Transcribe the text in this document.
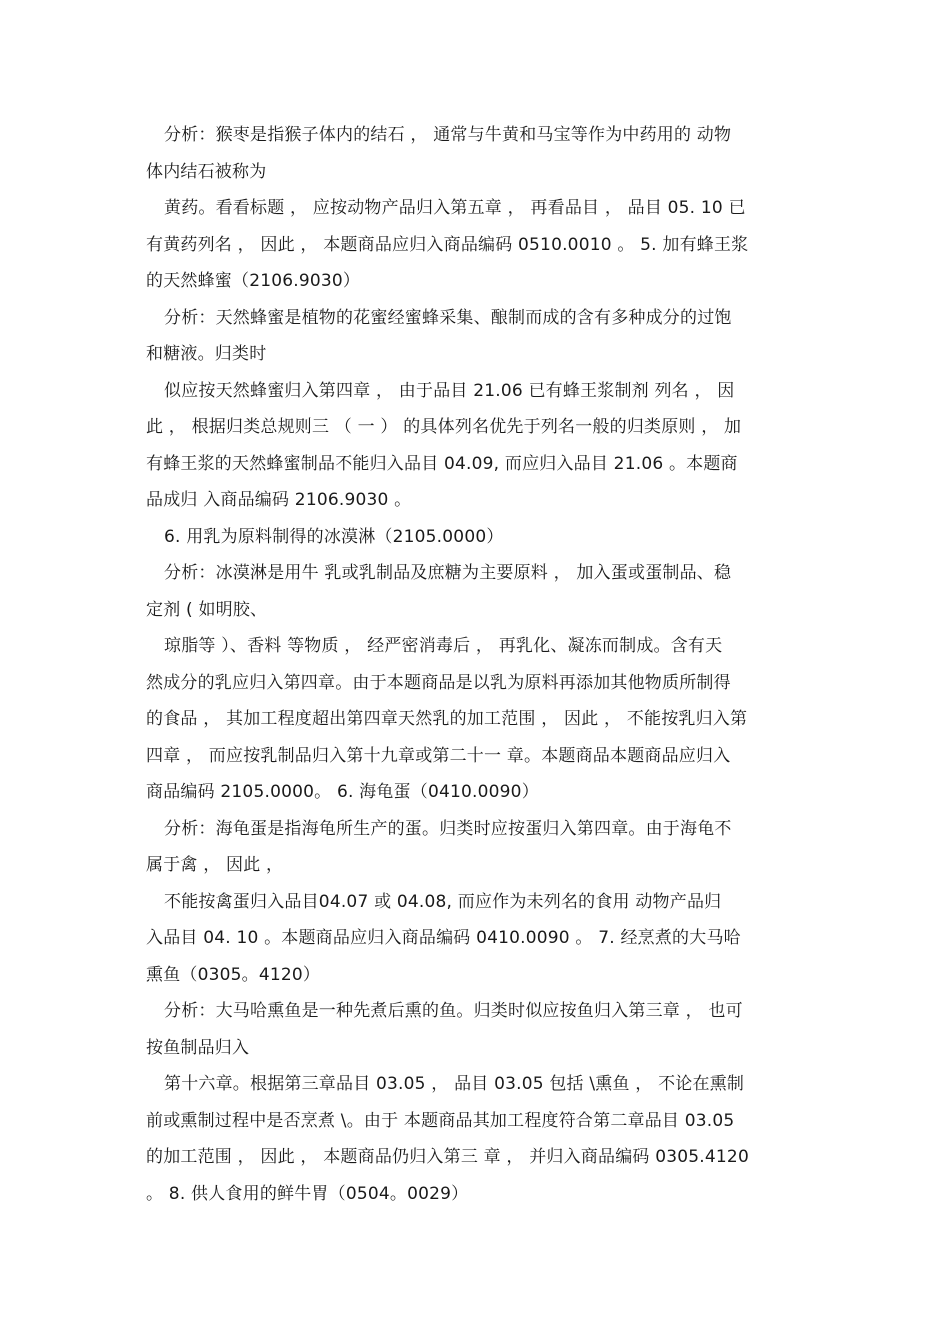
分析：猴枣是指猴子体内的结石 ， 通常与牛黄和马宝等作为中药用的 动物
体内结石被称为
黄药。看看标题 ， 应按动物产品归入第五章 ， 再看品目 ， 品目 05. 10 已
有黄药列名 ， 因此 ， 本题商品应归入商品编码 0510.0010 。 5. 加有蜂王浆
的天然蜂蜜（2106.9030）
分析：天然蜂蜜是植物的花蜜经蜜蜂采集、酿制而成的含有多种成分的过饱
和糖液。归类时
似应按天然蜂蜜归入第四章 ， 由于品目 21.06 已有蜂王浆制剂 列名 ， 因
此 ， 根据归类总规则三 （ 一 ） 的具体列名优先于列名一般的归类原则 ， 加
有蜂王浆的天然蜂蜜制品不能归入品目 04.09, 而应归入品目 21.06 。本题商
品成归 入商品编码 2106.9030 。
6. 用乳为原料制得的冰漠淋（2105.0000）
分析：冰漠淋是用牛 乳或乳制品及庶糖为主要原料 ， 加入蛋或蛋制品、稳
定剂 ( 如明胶、
琼脂等 ）、香料 等物质 ， 经严密消毒后 ， 再乳化、凝冻而制成。含有天
然成分的乳应归入第四章。由于本题商品是以乳为原料再添加其他物质所制得
的食品 ， 其加工程度超出第四章天然乳的加工范围 ， 因此 ， 不能按乳归入第
四章 ， 而应按乳制品归入第十九章或第二十一 章。本题商品本题商品应归入
商品编码 2105.0000。 6. 海龟蛋（0410.0090）
分析：海龟蛋是指海龟所生产的蛋。归类时应按蛋归入第四章。由于海龟不
属于禽 ， 因此 ，
不能按禽蛋归入品目04.07 或 04.08, 而应作为未列名的食用 动物产品归
入品目 04. 10 。本题商品应归入商品编码 0410.0090 。 7. 经烹煮的大马哈
熏鱼（0305。4120）
分析：大马哈熏鱼是一种先煮后熏的鱼。归类时似应按鱼归入第三章 ， 也可
按鱼制品归入
第十六章。根据第三章品目 03.05 ， 品目 03.05 包括 \熏鱼 ， 不论在熏制
前或熏制过程中是否烹煮 \。由于 本题商品其加工程度符合第二章品目 03.05
的加工范围 ， 因此 ， 本题商品仍归入第三 章 ， 并归入商品编码 0305.4120
。 8. 供人食用的鲜牛胃（0504。0029）
